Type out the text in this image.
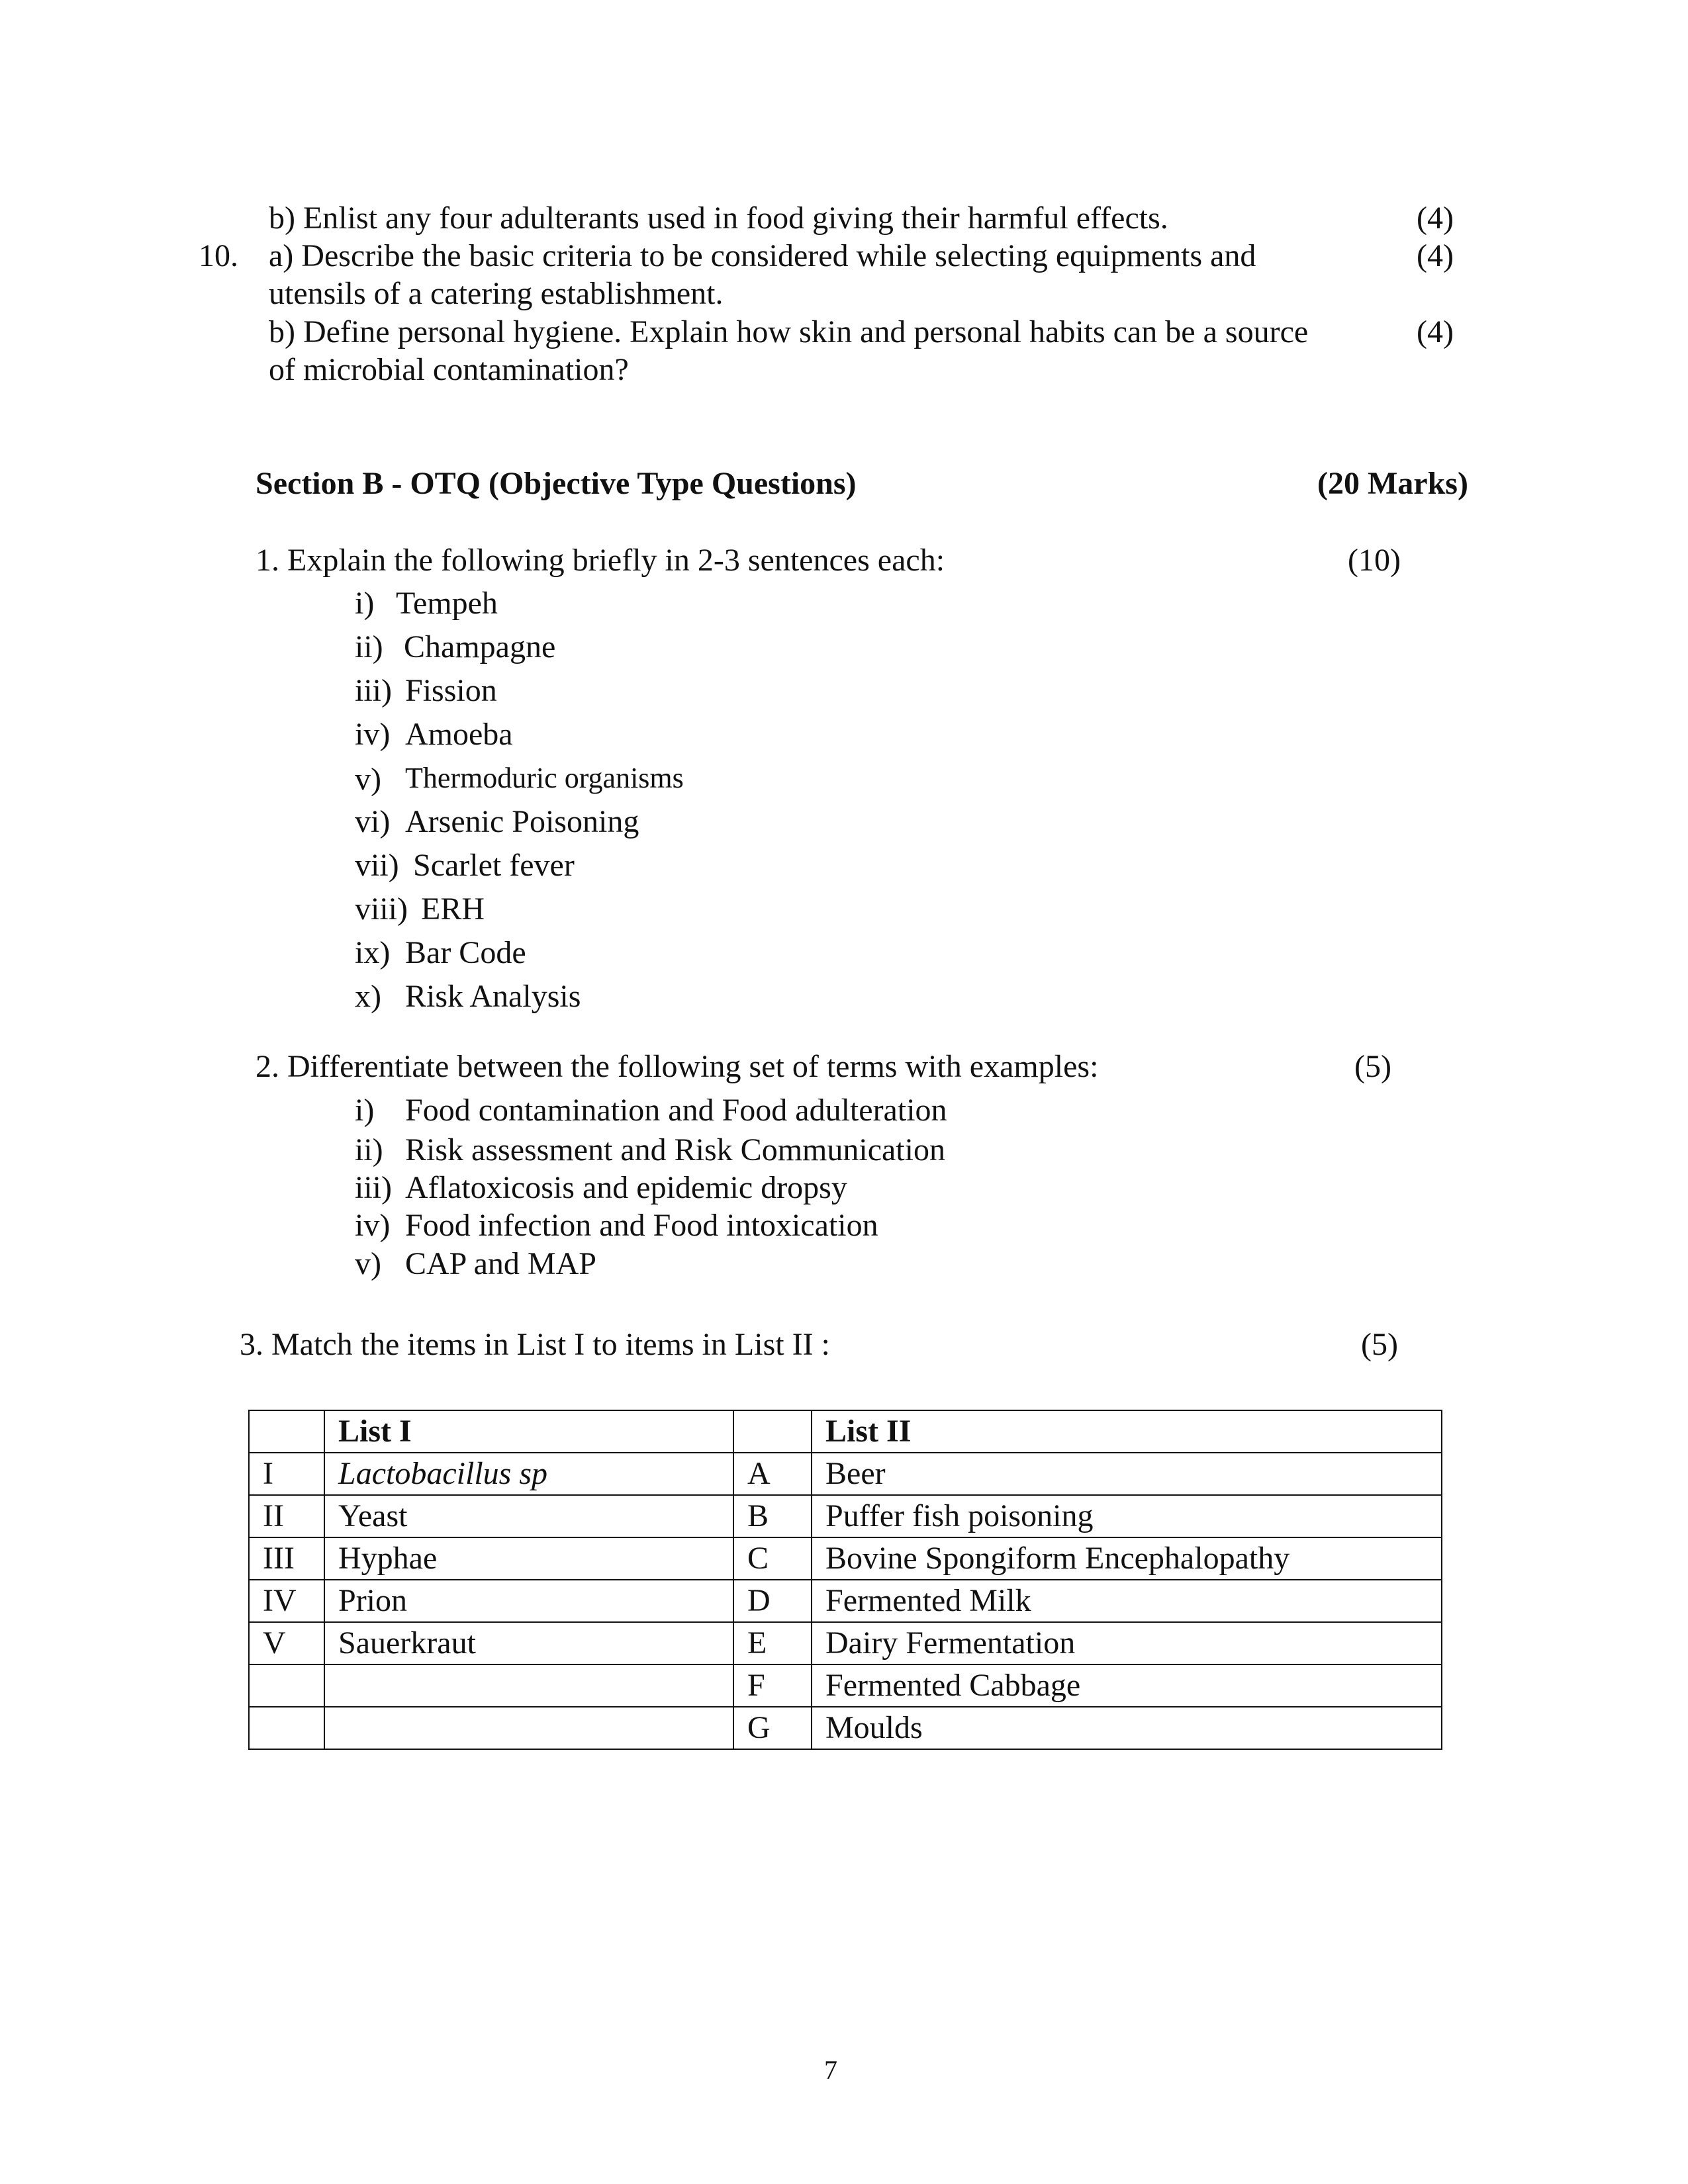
b) Enlist any four adulterants used in food giving their harmful effects.	(4)
10. a) Describe the basic criteria to be considered while selecting equipments and	(4)
utensils of a catering establishment.
b) Define personal hygiene. Explain how skin and personal habits can be a source	(4)
of microbial contamination?
Section B - OTQ (Objective Type Questions)	(20 Marks)
1. Explain the following briefly in 2-3 sentences each:	(10)
i) Tempeh
ii) Champagne
iii) Fission
iv) Amoeba
v) Thermoduric organisms
vi) Arsenic Poisoning
vii) Scarlet fever
viii) ERH
ix) Bar Code
x) Risk Analysis
2. Differentiate between the following set of terms with examples:	(5)
i) Food contamination and Food adulteration
ii) Risk assessment and Risk Communication
iii) Aflatoxicosis and epidemic dropsy
iv) Food infection and Food intoxication
v) CAP and MAP
3. Match the items in List I to items in List II :	(5)
	List I		List II
I	Lactobacillus sp	A	Beer
II	Yeast	B	Puffer fish poisoning
III	Hyphae	C	Bovine Spongiform Encephalopathy
IV	Prion	D	Fermented Milk
V	Sauerkraut	E	Dairy Fermentation
		F	Fermented Cabbage
		G	Moulds
7
